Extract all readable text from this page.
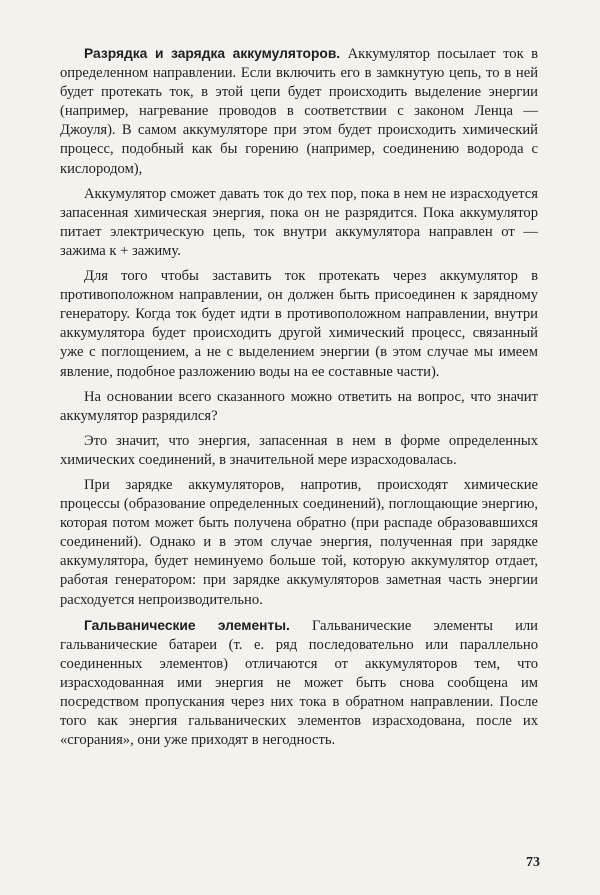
Разрядка и зарядка аккумуляторов. Аккумулятор посылает ток в определенном направлении. Если включить его в замкнутую цепь, то в ней будет протекать ток, в этой цепи будет происходить выделение энергии (например, нагревание проводов в соответствии с законом Ленца — Джоуля). В самом аккумуляторе при этом будет происходить химический процесс, подобный как бы горению (например, соединению водорода с кислородом),

Аккумулятор сможет давать ток до тех пор, пока в нем не израсходуется запасенная химическая энергия, пока он не разрядится. Пока аккумулятор питает электрическую цепь, ток внутри аккумулятора направлен от —зажима к + зажиму.

Для того чтобы заставить ток протекать через аккумулятор в противоположном направлении, он должен быть присоединен к зарядному генератору. Когда ток будет идти в противоположном направлении, внутри аккумулятора будет происходить другой химический процесс, связанный уже с поглощением, а не с выделением энергии (в этом случае мы имеем явление, подобное разложению воды на ее составные части).

На основании всего сказанного можно ответить на вопрос, что значит аккумулятор разрядился?

Это значит, что энергия, запасенная в нем в форме определенных химических соединений, в значительной мере израсходовалась.

При зарядке аккумуляторов, напротив, происходят химические процессы (образование определенных соединений), поглощающие энергию, которая потом может быть получена обратно (при распаде образовавшихся соединений). Однако и в этом случае энергия, полученная при зарядке аккумулятора, будет неминуемо больше той, которую аккумулятор отдает, работая генератором: при зарядке аккумуляторов заметная часть энергии расходуется непроизводительно.

Гальванические элементы. Гальванические элементы или гальванические батареи (т. е. ряд последовательно или параллельно соединенных элементов) отличаются от аккумуляторов тем, что израсходованная ими энергия не может быть снова сообщена им посредством пропускания через них тока в обратном направлении. После того как энергия гальванических элементов израсходована, после их «сгорания», они уже приходят в негодность.

73
